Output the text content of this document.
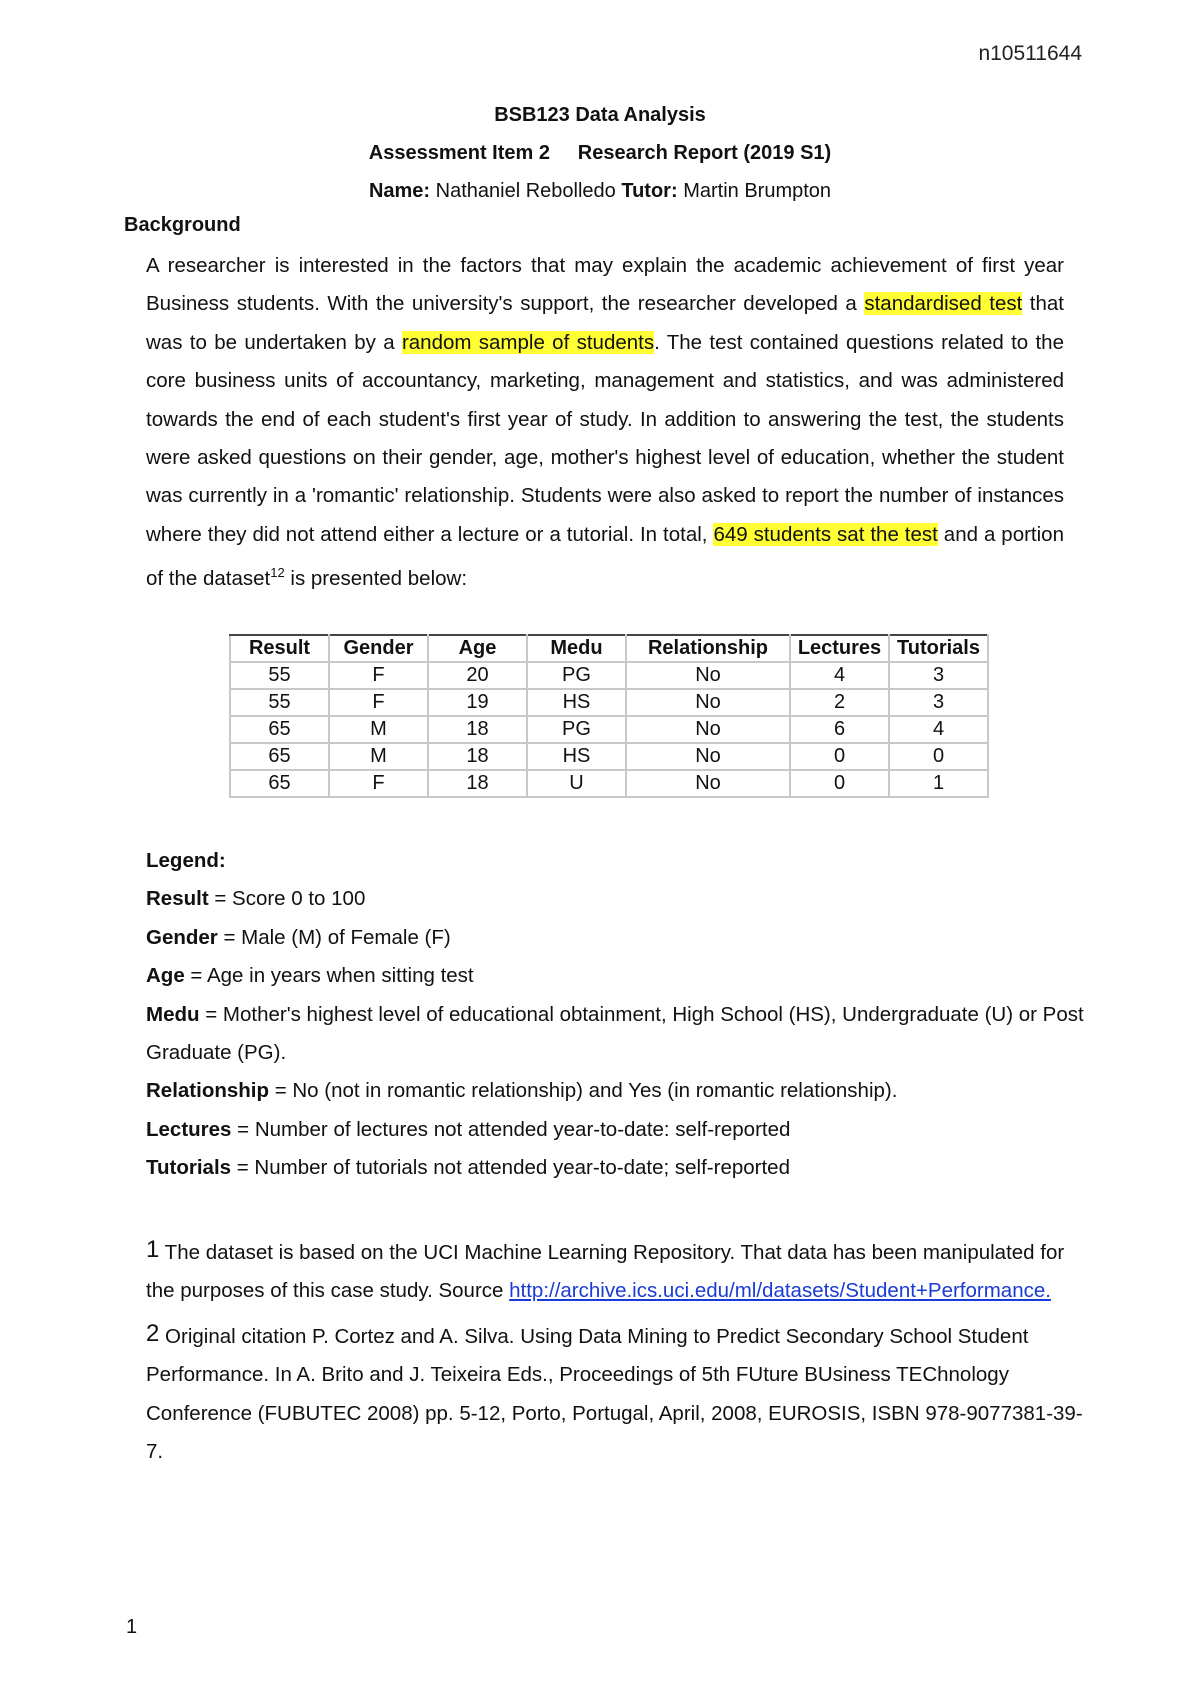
n10511644
BSB123 Data Analysis
Assessment Item 2     Research Report (2019 S1)
Name: Nathaniel Rebolledo Tutor: Martin Brumpton
Background
A researcher is interested in the factors that may explain the academic achievement of first year Business students. With the university's support, the researcher developed a standardised test that was to be undertaken by a random sample of students. The test contained questions related to the core business units of accountancy, marketing, management and statistics, and was administered towards the end of each student's first year of study. In addition to answering the test, the students were asked questions on their gender, age, mother's highest level of education, whether the student was currently in a 'romantic' relationship. Students were also asked to report the number of instances where they did not attend either a lecture or a tutorial. In total, 649 students sat the test and a portion of the dataset$^{12}$ is presented below:
Result	Gender	Age	Medu	Relationship	Lectures	Tutorials
55	F	20	PG	No	4	3
55	F	19	HS	No	2	3
65	M	18	PG	No	6	4
65	M	18	HS	No	0	0
65	F	18	U	No	0	1
Legend:
Result = Score 0 to 100
Gender = Male (M) of Female (F)
Age = Age in years when sitting test
Medu = Mother's highest level of educational obtainment, High School (HS), Undergraduate (U) or Post Graduate (PG).
Relationship = No (not in romantic relationship) and Yes (in romantic relationship).
Lectures = Number of lectures not attended year-to-date: self-reported
Tutorials = Number of tutorials not attended year-to-date; self-reported
1 The dataset is based on the UCI Machine Learning Repository. That data has been manipulated for the purposes of this case study. Source http://archive.ics.uci.edu/ml/datasets/Student+Performance.
2 Original citation P. Cortez and A. Silva. Using Data Mining to Predict Secondary School Student Performance. In A. Brito and J. Teixeira Eds., Proceedings of 5th FUture BUsiness TEChnology Conference (FUBUTEC 2008) pp. 5-12, Porto, Portugal, April, 2008, EUROSIS, ISBN 978-9077381-39-7.
1
